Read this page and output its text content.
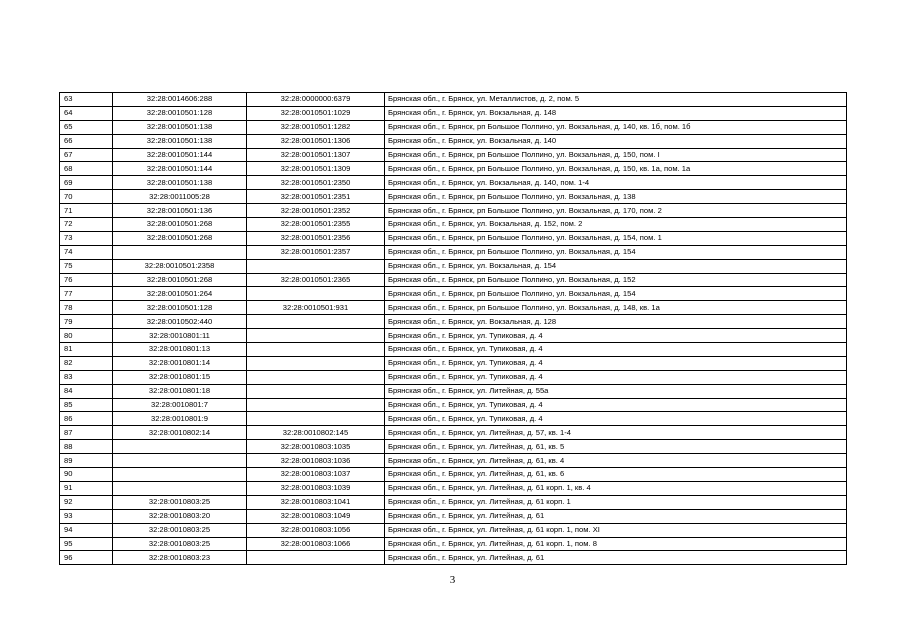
63	32:28:0014606:288	32:28:0000000:6379	Брянская обл., г. Брянск, ул. Металлистов, д. 2, пом. 5
64	32:28:0010501:128	32:28:0010501:1029	Брянская обл., г. Брянск, ул. Вокзальная, д. 148
65	32:28:0010501:138	32:28:0010501:1282	Брянская обл., г. Брянск, рп Большое Полпино, ул. Вокзальная, д. 140, кв. 1б, пом. 1б
66	32:28:0010501:138	32:28:0010501:1306	Брянская обл., г. Брянск, ул. Вокзальная, д. 140
67	32:28:0010501:144	32:28:0010501:1307	Брянская обл., г. Брянск, рп Большое Полпино, ул. Вокзальная, д. 150, пом. I
68	32:28:0010501:144	32:28:0010501:1309	Брянская обл., г. Брянск, рп Большое Полпино, ул. Вокзальная, д. 150, кв. 1а, пом. 1а
69	32:28:0010501:138	32:28:0010501:2350	Брянская обл., г. Брянск, ул. Вокзальная, д. 140, пом. 1-4
70	32:28:0011005:28	32:28:0010501:2351	Брянская обл., г. Брянск, рп Большое Полпино, ул. Вокзальная, д. 138
71	32:28:0010501:136	32:28:0010501:2352	Брянская обл., г. Брянск, рп Большое Полпино, ул. Вокзальная, д. 170, пом. 2
72	32:28:0010501:268	32:28:0010501:2355	Брянская обл., г. Брянск, ул. Вокзальная, д. 152, пом. 2
73	32:28:0010501:268	32:28:0010501:2356	Брянская обл., г. Брянск, рп Большое Полпино, ул. Вокзальная, д. 154, пом. 1
74		32:28:0010501:2357	Брянская обл., г. Брянск, рп Большое Полпино, ул. Вокзальная, д. 154
75	32:28:0010501:2358		Брянская обл., г. Брянск, ул. Вокзальная, д. 154
76	32:28:0010501:268	32:28:0010501:2365	Брянская обл., г. Брянск, рп Большое Полпино, ул. Вокзальная, д. 152
77	32:28:0010501:264		Брянская обл., г. Брянск, рп Большое Полпино, ул. Вокзальная, д. 154
78	32:28:0010501:128	32:28:0010501:931	Брянская обл., г. Брянск, рп Большое Полпино, ул. Вокзальная, д. 148, кв. 1а
79	32:28:0010502:440		Брянская обл., г. Брянск, ул. Вокзальная, д. 128
80	32:28:0010801:11		Брянская обл., г. Брянск, ул. Тупиковая, д. 4
81	32:28:0010801:13		Брянская обл., г. Брянск, ул. Тупиковая, д. 4
82	32:28:0010801:14		Брянская обл., г. Брянск, ул. Тупиковая, д. 4
83	32:28:0010801:15		Брянская обл., г. Брянск, ул. Тупиковая, д. 4
84	32:28:0010801:18		Брянская обл., г. Брянск, ул. Литейная, д. 55а
85	32:28:0010801:7		Брянская обл., г. Брянск, ул. Тупиковая, д. 4
86	32:28:0010801:9		Брянская обл., г. Брянск, ул. Тупиковая, д. 4
87	32:28:0010802:14	32:28:0010802:145	Брянская обл., г. Брянск, ул. Литейная, д. 57, кв. 1-4
88		32:28:0010803:1035	Брянская обл., г. Брянск, ул. Литейная, д. 61, кв. 5
89		32:28:0010803:1036	Брянская обл., г. Брянск, ул. Литейная, д. 61, кв. 4
90		32:28:0010803:1037	Брянская обл., г. Брянск, ул. Литейная, д. 61, кв. 6
91		32:28:0010803:1039	Брянская обл., г. Брянск, ул. Литейная, д. 61 корп. 1, кв. 4
92	32:28:0010803:25	32:28:0010803:1041	Брянская обл., г. Брянск, ул. Литейная, д. 61 корп. 1
93	32:28:0010803:20	32:28:0010803:1049	Брянская обл., г. Брянск, ул. Литейная, д. 61
94	32:28:0010803:25	32:28:0010803:1056	Брянская обл., г. Брянск, ул. Литейная, д. 61 корп. 1, пом. XI
95	32:28:0010803:25	32:28:0010803:1066	Брянская обл., г. Брянск, ул. Литейная, д. 61 корп. 1, пом. 8
96	32:28:0010803:23		Брянская обл., г. Брянск, ул. Литейная, д. 61
3
